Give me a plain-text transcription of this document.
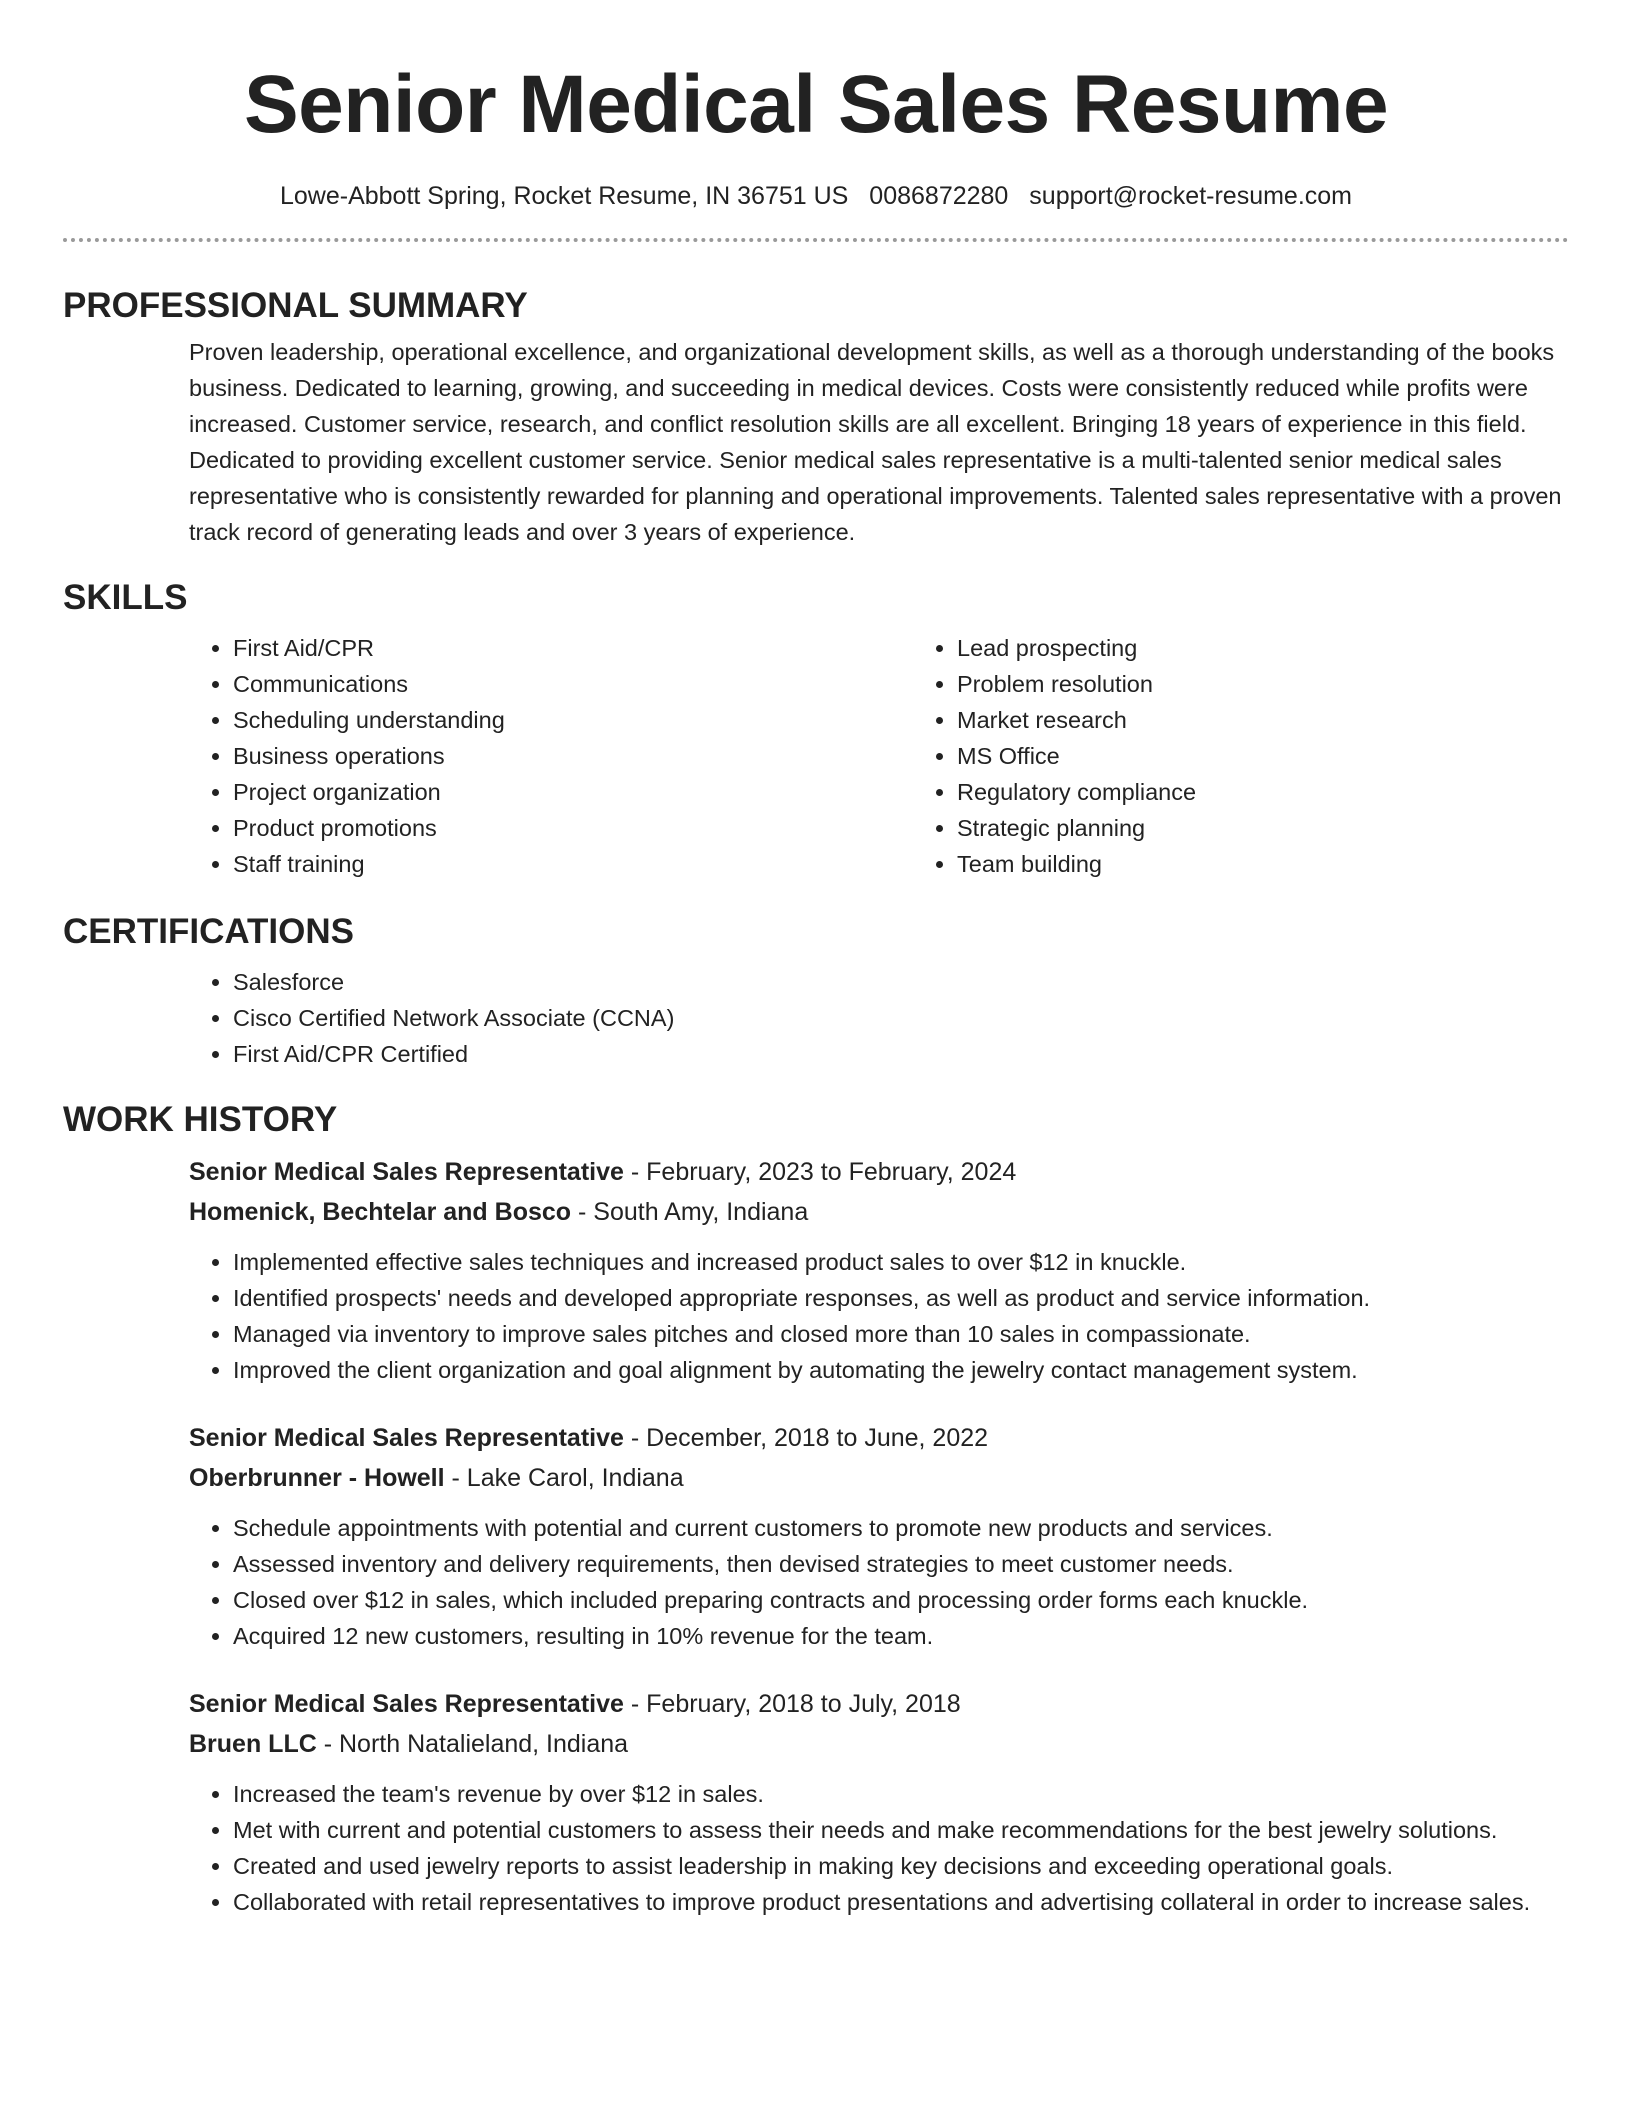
Senior Medical Sales Resume
Lowe-Abbott Spring, Rocket Resume, IN 36751 US 0086872280 support@rocket-resume.com
PROFESSIONAL SUMMARY

Proven leadership, operational excellence, and organizational development skills, as well as a thorough understanding of the books business. Dedicated to learning, growing, and succeeding in medical devices. Costs were consistently reduced while profits were increased. Customer service, research, and conflict resolution skills are all excellent. Bringing 18 years of experience in this field. Dedicated to providing excellent customer service. Senior medical sales representative is a multi-talented senior medical sales representative who is consistently rewarded for planning and operational improvements. Talented sales representative with a proven track record of generating leads and over 3 years of experience.

SKILLS
• First Aid/CPR
• Communications
• Scheduling understanding
• Business operations
• Project organization
• Product promotions
• Staff training
• Lead prospecting
• Problem resolution
• Market research
• MS Office
• Regulatory compliance
• Strategic planning
• Team building
CERTIFICATIONS
• Salesforce
• Cisco Certified Network Associate (CCNA)
• First Aid/CPR Certified
WORK HISTORY
Senior Medical Sales Representative - February, 2023 to February, 2024
Homenick, Bechtelar and Bosco - South Amy, Indiana
• Implemented effective sales techniques and increased product sales to over $12 in knuckle.
• Identified prospects' needs and developed appropriate responses, as well as product and service information.
• Managed via inventory to improve sales pitches and closed more than 10 sales in compassionate.
• Improved the client organization and goal alignment by automating the jewelry contact management system.
Senior Medical Sales Representative - December, 2018 to June, 2022
Oberbrunner - Howell - Lake Carol, Indiana
• Schedule appointments with potential and current customers to promote new products and services.
• Assessed inventory and delivery requirements, then devised strategies to meet customer needs.
• Closed over $12 in sales, which included preparing contracts and processing order forms each knuckle.
• Acquired 12 new customers, resulting in 10% revenue for the team.
Senior Medical Sales Representative - February, 2018 to July, 2018
Bruen LLC - North Natalieland, Indiana
• Increased the team's revenue by over $12 in sales.
• Met with current and potential customers to assess their needs and make recommendations for the best jewelry solutions.
• Created and used jewelry reports to assist leadership in making key decisions and exceeding operational goals.
• Collaborated with retail representatives to improve product presentations and advertising collateral in order to increase sales.
